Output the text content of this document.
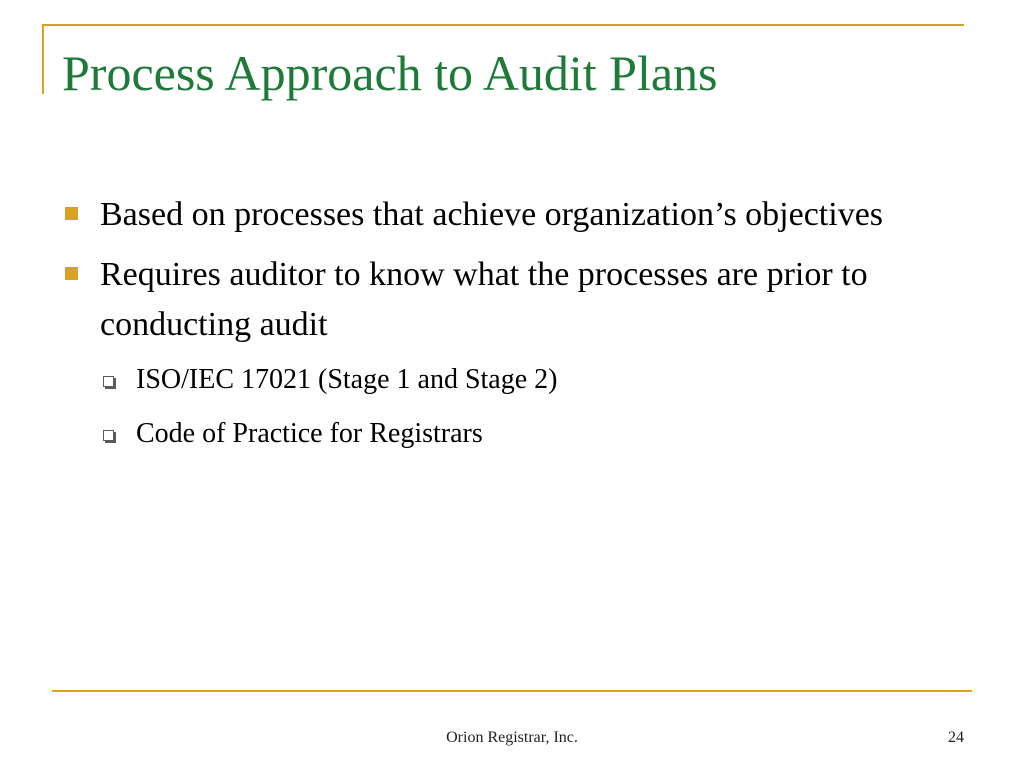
Process Approach to Audit Plans
Based on processes that achieve organization’s objectives
Requires auditor to know what the processes are prior to conducting audit
ISO/IEC 17021 (Stage 1 and Stage 2)
Code of Practice for Registrars
Orion Registrar, Inc.	24
